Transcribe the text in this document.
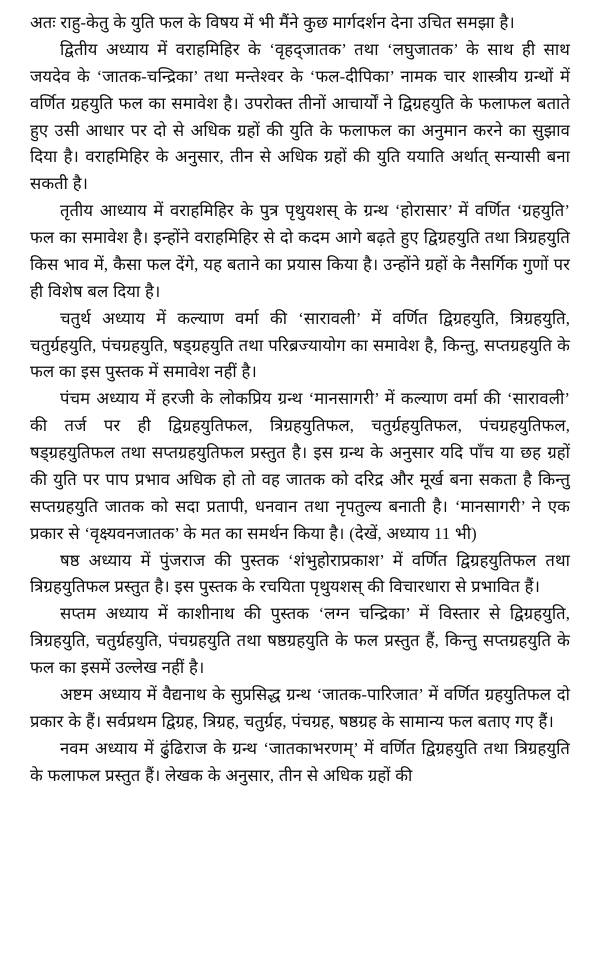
अतः राहु-केतु के युति फल के विषय में भी मैंने कुछ मार्गदर्शन देना उचित समझा है।

द्वितीय अध्याय में वराहमिहिर के ‘वृहद्जातक’ तथा ‘लघुजातक’ के साथ ही साथ जयदेव के ‘जातक-चन्द्रिका’ तथा मन्तेश्वर के ‘फल-दीपिका’ नामक चार शास्त्रीय ग्रन्थों में वर्णित ग्रहयुति फल का समावेश है। उपरोक्त तीनों आचार्यों ने द्विग्रहयुति के फलाफल बताते हुए उसी आधार पर दो से अधिक ग्रहों की युति के फलाफल का अनुमान करने का सुझाव दिया है। वराहमिहिर के अनुसार, तीन से अधिक ग्रहों की युति ययाति अर्थात् सन्यासी बना सकती है।

तृतीय आध्याय में वराहमिहिर के पुत्र पृथुयशस् के ग्रन्थ ‘होरासार’ में वर्णित ‘ग्रहयुति’ फल का समावेश है। इन्होंने वराहमिहिर से दो कदम आगे बढ़ते हुए द्विग्रहयुति तथा त्रिग्रहयुति किस भाव में, कैसा फल देंगे, यह बताने का प्रयास किया है। उन्होंने ग्रहों के नैसर्गिक गुणों पर ही विशेष बल दिया है।

चतुर्थ अध्याय में कल्याण वर्मा की ‘सारावली’ में वर्णित द्विग्रहयुति, त्रिग्रहयुति, चतुर्ग्रहयुति, पंचग्रहयुति, षड्ग्रहयुति तथा परिब्रज्यायोग का समावेश है, किन्तु, सप्तग्रहयुति के फल का इस पुस्तक में समावेश नहीं है।

पंचम अध्याय में हरजी के लोकप्रिय ग्रन्थ ‘मानसागरी’ में कल्याण वर्मा की ‘सारावली’ की तर्ज पर ही द्विग्रहयुतिफल, त्रिग्रहयुतिफल, चतुर्ग्रहयुतिफल, पंचग्रहयुतिफल, षड्ग्रहयुतिफल तथा सप्तग्रहयुतिफल प्रस्तुत है। इस ग्रन्थ के अनुसार यदि पाँच या छह ग्रहों की युति पर पाप प्रभाव अधिक हो तो वह जातक को दरिद्र और मूर्ख बना सकता है किन्तु सप्तग्रहयुति जातक को सदा प्रतापी, धनवान तथा नृपतुल्य बनाती है। ‘मानसागरी’ ने एक प्रकार से ‘वृक्ष्यवनजातक’ के मत का समर्थन किया है। (देखें, अध्याय 11 भी)

षष्ठ अध्याय में पुंजराज की पुस्तक ‘शंभुहोराप्रकाश’ में वर्णित द्विग्रहयुतिफल तथा त्रिग्रहयुतिफल प्रस्तुत है। इस पुस्तक के रचयिता पृथुयशस् की विचारधारा से प्रभावित हैं।

सप्तम अध्याय में काशीनाथ की पुस्तक ‘लग्न चन्द्रिका’ में विस्तार से द्विग्रहयुति, त्रिग्रहयुति, चतुर्ग्रहयुति, पंचग्रहयुति तथा षष्ठग्रहयुति के फल प्रस्तुत हैं, किन्तु सप्तग्रहयुति के फल का इसमें उल्लेख नहीं है।

अष्टम अध्याय में वैद्यनाथ के सुप्रसिद्ध ग्रन्थ ‘जातक-पारिजात’ में वर्णित ग्रहयुतिफल दो प्रकार के हैं। सर्वप्रथम द्विग्रह, त्रिग्रह, चतुर्ग्रह, पंचग्रह, षष्ठग्रह के सामान्य फल बताए गए हैं।

नवम अध्याय में ढुंढिराज के ग्रन्थ ‘जातकाभरणम्’ में वर्णित द्विग्रहयुति तथा त्रिग्रहयुति के फलाफल प्रस्तुत हैं। लेखक के अनुसार, तीन से अधिक ग्रहों की
